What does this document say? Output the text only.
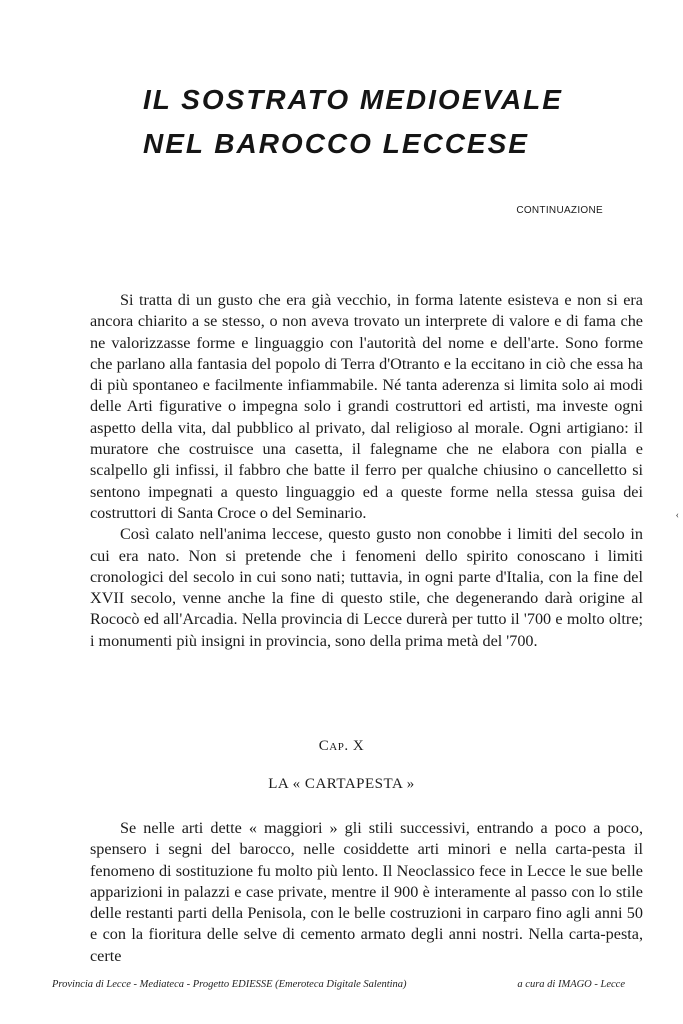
IL SOSTRATO MEDIOEVALE
NEL BAROCCO LECCESE
CONTINUAZIONE

Si tratta di un gusto che era già vecchio, in forma latente esisteva e non si era ancora chiarito a se stesso, o non aveva trovato un interprete di valore e di fama che ne valorizzasse forme e linguaggio con l'autorità del nome e dell'arte. Sono forme che parlano alla fantasia del popolo di Terra d'Otranto e la eccitano in ciò che essa ha di più spontaneo e facilmente infiammabile. Né tanta aderenza si limita solo ai modi delle Arti figurative o impegna solo i grandi costruttori ed artisti, ma investe ogni aspetto della vita, dal pubblico al privato, dal religioso al morale. Ogni artigiano: il muratore che costruisce una casetta, il falegname che ne elabora con pialla e scalpello gli infissi, il fabbro che batte il ferro per qualche chiusino o cancelletto si sentono impegnati a questo linguaggio ed a queste forme nella stessa guisa dei costruttori di Santa Croce o del Seminario.

Così calato nell'anima leccese, questo gusto non conobbe i limiti del secolo in cui era nato. Non si pretende che i fenomeni dello spirito conoscano i limiti cronologici del secolo in cui sono nati; tuttavia, in ogni parte d'Italia, con la fine del XVII secolo, venne anche la fine di questo stile, che degenerando darà origine al Rococò ed all'Arcadia. Nella provincia di Lecce durerà per tutto il '700 e molto oltre; i monumenti più insigni in provincia, sono della prima metà del '700.

‹
Cap. X
LA « CARTAPESTA »

Se nelle arti dette « maggiori » gli stili successivi, entrando a poco a poco, spensero i segni del barocco, nelle cosiddette arti minori e nella carta-pesta il fenomeno di sostituzione fu molto più lento. Il Neoclassico fece in Lecce le sue belle apparizioni in palazzi e case private, mentre il 900 è interamente al passo con lo stile delle restanti parti della Penisola, con le belle costruzioni in carparo fino agli anni 50 e con la fioritura delle selve di cemento armato degli anni nostri. Nella carta-pesta, certe

Provincia di Lecce - Mediateca - Progetto EDIESSE (Emeroteca Digitale Salentina)	a cura di IMAGO - Lecce
